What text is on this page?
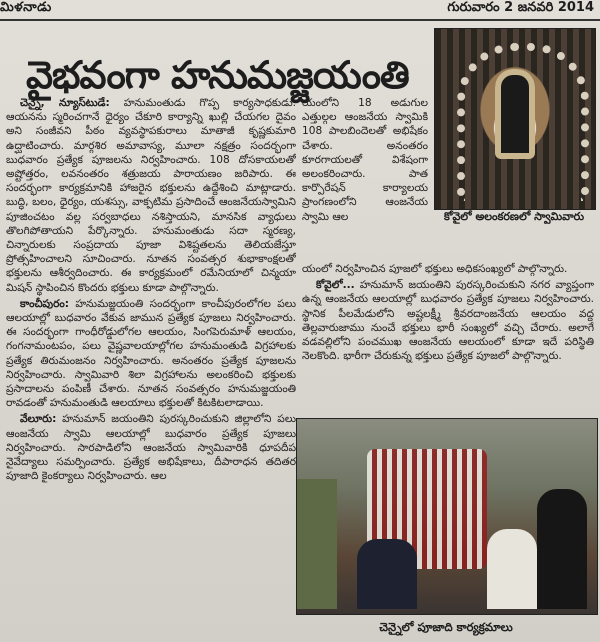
మిళనాడు	గురువారం 2 జనవరి 2014
వైభవంగా హనుమజ్జయంతి

చెన్నై, న్యూస్‌టుడే: హనుమంతుడు గొప్ప కార్యసాధకుడు. ఆయనను స్మరించగానే ధైర్యం చేకూరి కార్యాన్ని ఖుల్లి చేయగల దైవం అని సంజీవని పీఠం వ్యవస్థాపకురాలు మాతాజీ కృష్ణకుమారి ఉద్ఘాటించారు. మార్గశిర అమావాస్య, మూలా నక్షత్రం సందర్భంగా బుధవారం ప్రత్యేక పూజలను నిర్వహించారు. 108 దోసకాయలతో అష్టోత్తరం, లవనంతరం శత్రుజయ పారాయణం జరిపారు. ఈ సందర్భంగా కార్యక్రమానికి హాజరైన భక్తులను ఉద్దేశించి మాట్లాడారు. బుద్ధి, బలం, ధైర్యం, యశస్సు, వాక్పటిమ ప్రసాదించే ఆంజనేయస్వామిని పూజించటం వల్ల సర్వబాధలు నశిస్తాయని, మానసిక వ్యాధులు తొలగిపోతాయని పేర్కొన్నారు. హనుమంతుడు సదా స్మరణ్య, చిన్నారులకు సంప్రదాయ పూజా విశిష్టతలను తెలియజేస్తూ ప్రోత్సహించాలని సూచించారు. నూతన సంవత్సర శుభాకాంక్షలతో భక్తులను ఆశీర్వదించారు. ఈ కార్యక్రమంలో రమేనియాలో చిన్మయా మిషన్ స్థాపించిన కొందరు భక్తులు కూడా పాల్గొన్నారు.

కాంచీపురం: హనుమజ్జయంతి సందర్భంగా కాంచీపురంలోగల పలు ఆలయాల్లో బుధవారం వేకువ జామున ప్రత్యేక పూజలు నిర్వహించారు. ఈ సందర్భంగా గాంధీరోడ్డులోగల ఆలయం, సింగపెరుమాళ్ ఆలయం, గంగనామంటపం, పలు వైష్ణవాలయాల్లోగల హనుమంతుడి విగ్రహాలకు ప్రత్యేక తిరుమంజనం నిర్వహించారు. అనంతరం ప్రత్యేక పూజలను నిర్వహించారు. స్వామివారి శిలా విగ్రహాలను అలంకరించి భక్తులకు ప్రసాదాలను పంపిణీ చేశారు. నూతన సంవత్సరం హనుమజ్జయంతి రావడంతో హనుమంతుడి ఆలయాలు భక్తులతో కిటకిటలాడాయి.

వేలూరు: హనుమాన్ జయంతిని పురస్కరించుకుని జిల్లాలోని పలు ఆంజనేయ స్వామి ఆలయాల్లో బుధవారం ప్రత్యేక పూజలు నిర్వహించారు. సారపాడిలోని ఆంజనేయ స్వామివారికి ధూపదీప నైవేద్యాలు సమర్పించారు. ప్రత్యేక అభిషేకాలు, దీపారాధన తదితర పూజాది కైంకర్యాలు నిర్వహించారు. ఆల

యంలోని 18 అడుగుల ఎత్తుల్గల ఆంజనేయ స్వామికి 108 పాలబిందెలతో అభిషేకం చేశారు. అనంతరం కూరగాయలతో విశేషంగా అలంకరించారు. పాత కార్పొరేషన్ కార్యాలయ ప్రాంగణంలోని ఆంజనేయ స్వామి ఆల	కోవైలో అలంకరణలో స్వామివారు

యంలో నిర్వహించిన పూజలో భక్తులు అధికసంఖ్యలో పాల్గొన్నారు.

కోవైలో... హనుమాన్ జయంతిని పురస్కరించుకుని నగర వ్యాప్తంగా ఉన్న ఆంజనేయ ఆలయాల్లో బుధవారం ప్రత్యేక పూజలు నిర్వహించారు. స్థానిక పీలమేడులోని అష్టలక్ష్మీ శ్రీవరదాంజనేయ ఆలయం వద్ద తెల్లవారుజాము నుంచే భక్తులు భారీ సంఖ్యలో వచ్చి చేరారు. అలాగే వడవల్లిలోని పంచముఖ ఆంజనేయ ఆలయంలో కూడా ఇదే పరిస్థితి నెలకొంది. భారీగా చేరుకున్న భక్తులు ప్రత్యేక పూజలో పాల్గొన్నారు.

చెన్నైలో పూజాది కార్యక్రమాలు
